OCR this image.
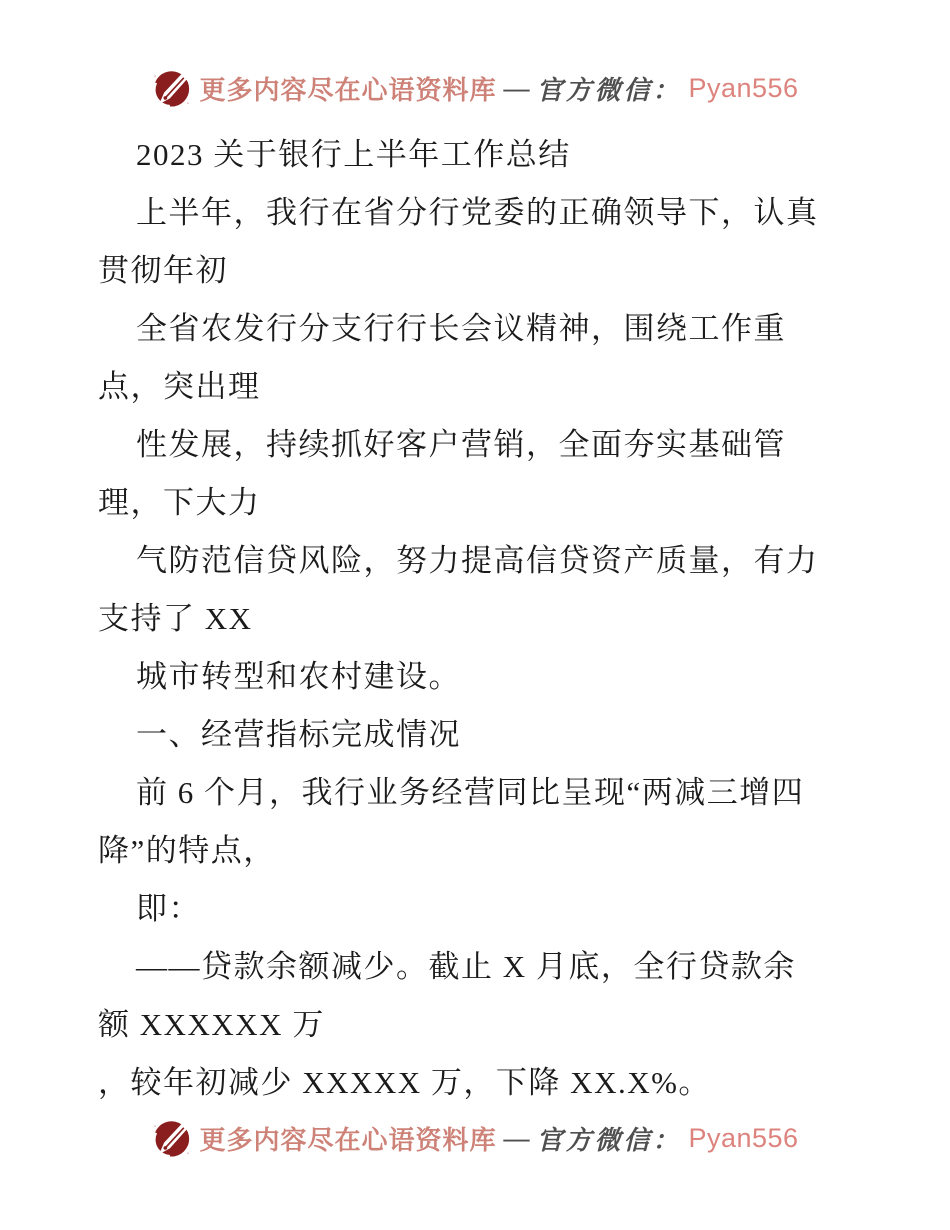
更多内容尽在心语资料库 — 官方微信： Pyan556
2023 关于银行上半年工作总结
上半年，我行在省分行党委的正确领导下，认真
贯彻年初
全省农发行分支行行长会议精神，围绕工作重
点，突出理
性发展，持续抓好客户营销，全面夯实基础管
理，下大力
气防范信贷风险，努力提高信贷资产质量，有力
支持了 XX
城市转型和农村建设。
一、经营指标完成情况
前 6 个月，我行业务经营同比呈现“两减三增四
降”的特点，
即：
——贷款余额减少。截止 X 月底，全行贷款余
额 XXXXXX 万
，较年初减少 XXXXX 万，下降 XX.X%。
更多内容尽在心语资料库 — 官方微信： Pyan556
